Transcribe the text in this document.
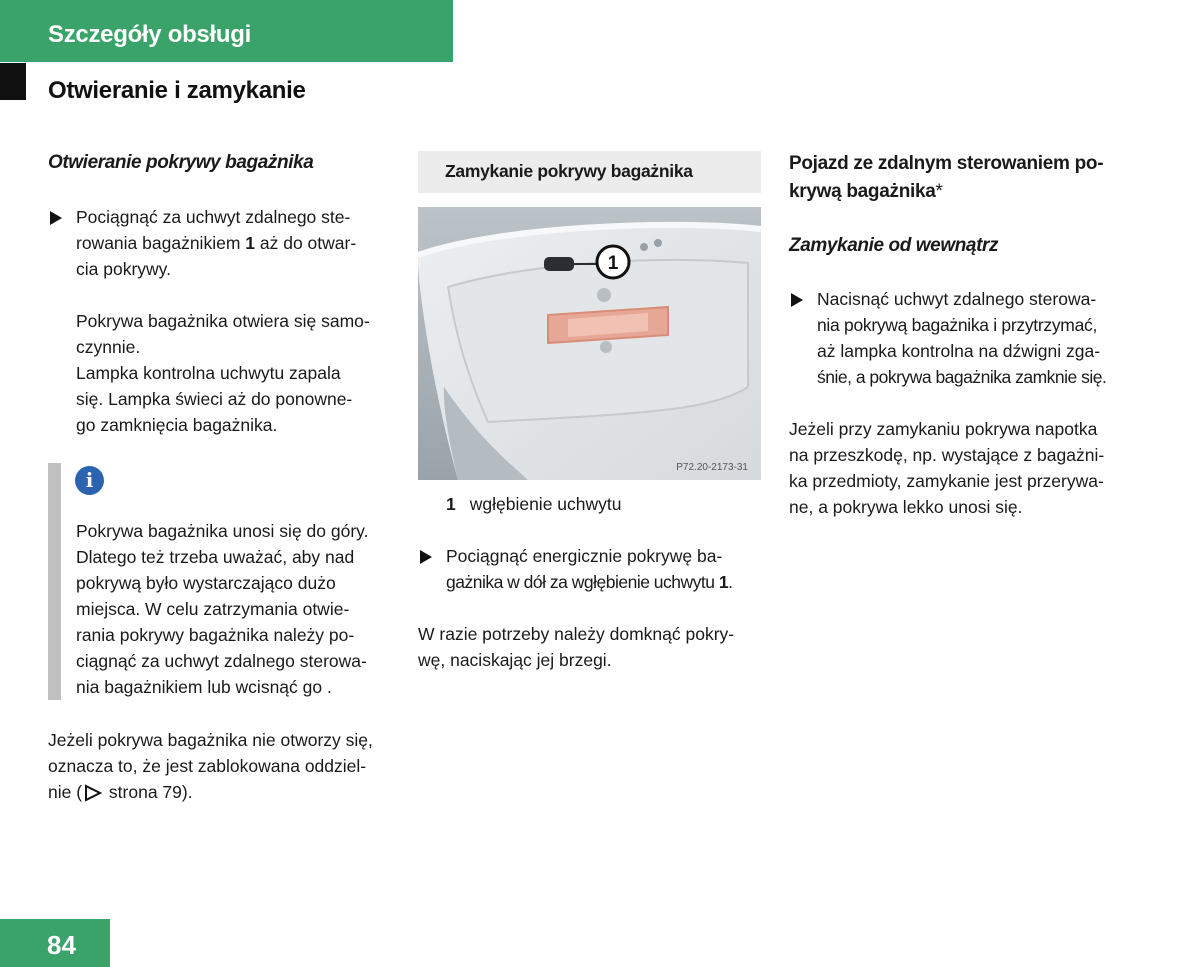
Szczegóły obsługi
Otwieranie i zamykanie
Otwieranie pokrywy bagażnika

Pociągnąć za uchwyt zdalnego ste-

rowania bagażnikiem 1 aż do otwar-

cia pokrywy.

Pokrywa bagażnika otwiera się samo-

czynnie.

Lampka kontrolna uchwytu zapala

się. Lampka świeci aż do ponowne-

go zamknięcia bagażnika.

i

Pokrywa bagażnika unosi się do góry.

Dlatego też trzeba uważać, aby nad

pokrywą było wystarczająco dużo

miejsca. W celu zatrzymania otwie-

rania pokrywy bagażnika należy po-

ciągnąć za uchwyt zdalnego sterowa-

nia bagażnikiem lub wcisnąć go .

Jeżeli pokrywa bagażnika nie otworzy się,

oznacza to, że jest zablokowana oddziel-

nie (
strona 79).

Zamykanie pokrywy bagażnika
1
P72.20-2173-31

1 wgłębienie uchwytu

Pociągnąć energicznie pokrywę ba-

gażnika w dół za wgłębienie uchwytu 1.

W razie potrzeby należy domknąć pokry-

wę, naciskając jej brzegi.

Pojazd ze zdalnym sterowaniem po-

krywą bagażnika*

Zamykanie od wewnątrz

Nacisnąć uchwyt zdalnego sterowa-

nia pokrywą bagażnika i przytrzymać,

aż lampka kontrolna na dźwigni zga-

śnie, a pokrywa bagażnika zamknie się.

Jeżeli przy zamykaniu pokrywa napotka

na przeszkodę, np. wystające z bagażni-

ka przedmioty, zamykanie jest przerywa-

ne, a pokrywa lekko unosi się.

84
